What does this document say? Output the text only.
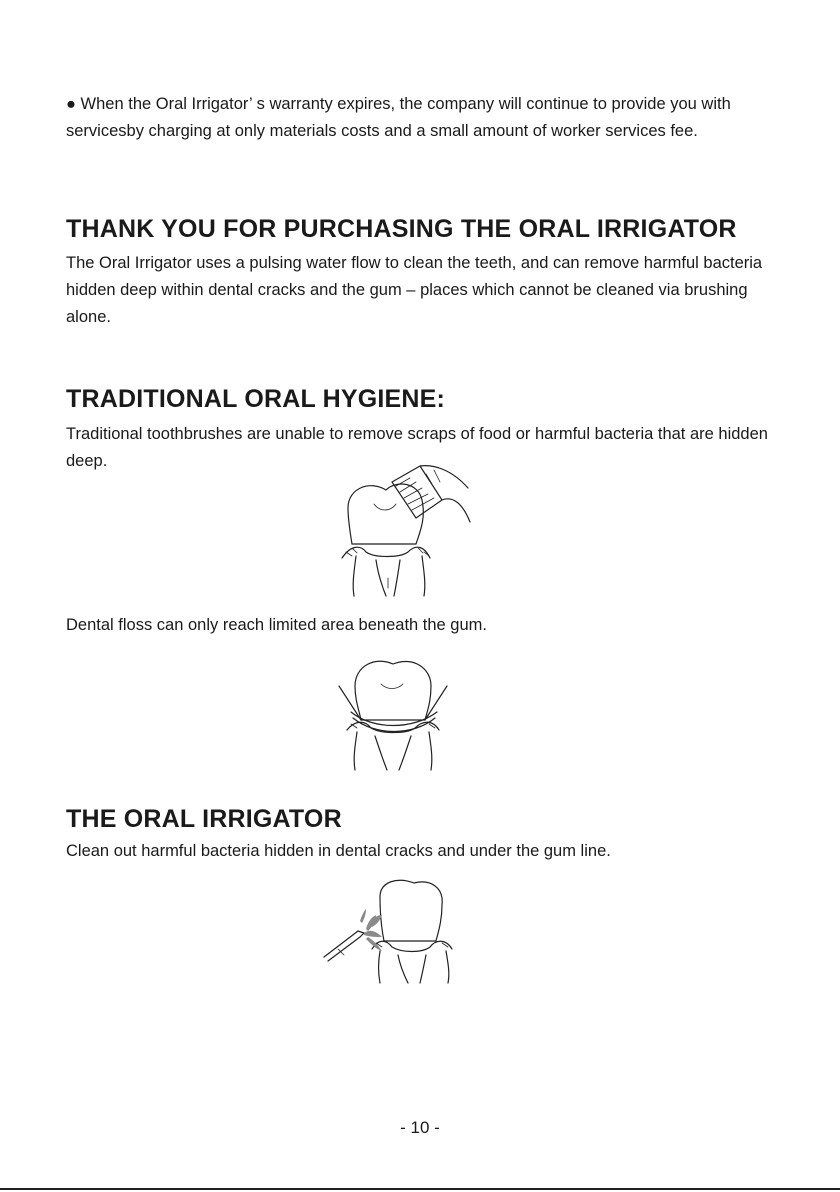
● When the Oral Irrigator’ s warranty expires, the company will continue to provide you with servicesby charging at only materials costs and a small amount of worker services fee.

THANK YOU FOR PURCHASING THE ORAL IRRIGATOR

The Oral Irrigator uses a pulsing water flow to clean the teeth, and can remove harmful bacteria hidden deep within dental cracks and the gum – places which cannot be cleaned via brushing alone.

TRADITIONAL ORAL HYGIENE:

Traditional toothbrushes are unable to remove scraps of food or harmful bacteria that are hidden deep.

Dental floss can only reach limited area beneath the gum.

THE ORAL IRRIGATOR

Clean out harmful bacteria hidden in dental cracks and under the gum line.

- 10 -
